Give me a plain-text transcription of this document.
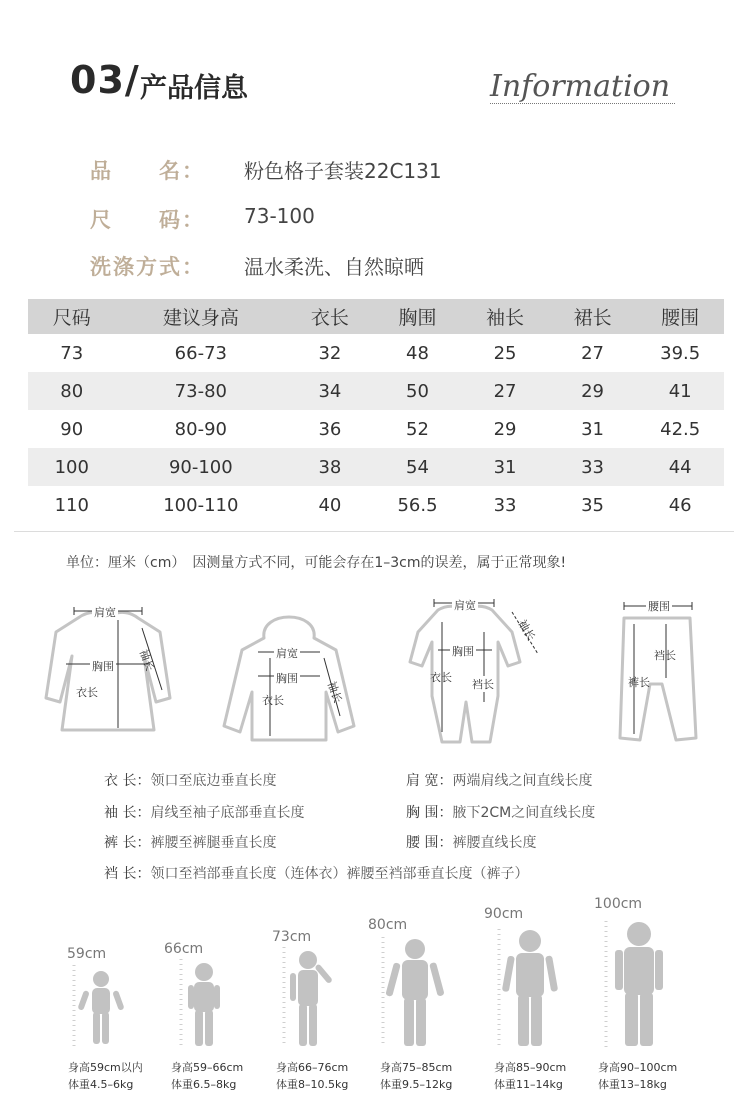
03/ 产品信息	Information
品　　名： 粉色格子套装22C131
尺　　码： 73-100
洗涤方式： 温水柔洗、自然晾晒
尺码	建议身高	衣长	胸围	袖长	裙长	腰围
73	66-73	32	48	25	27	39.5
80	73-80	34	50	27	29	41
90	80-90	36	52	29	31	42.5
100	90-100	38	54	31	33	44
110	100-110	40	56.5	33	35	46
单位：厘米（cm）　因测量方式不同，可能会存在1–3cm的误差，属于正常现象!
肩宽
胸围 袖长
衣长
肩宽
胸围
袖长
衣长
肩宽
胸围
袖长
衣长
裆长
腰围
裆长
裤长
衣 长：领口至底边垂直长度
袖 长：肩线至袖子底部垂直长度
裤 长：裤腰至裤腿垂直长度
肩 宽：两端肩线之间直线长度
胸 围：腋下2CM之间直线长度
腰 围：裤腰直线长度
裆 长：领口至裆部垂直长度（连体衣）裤腰至裆部垂直长度（裤子）
59cm	66cm
73cm
80cm
90cm
100cm
身高59cm以内
体重4.5–6kg
身高59–66cm
体重6.5–8kg
身高66–76cm
体重8–10.5kg
身高75–85cm
体重9.5–12kg
身高85–90cm
体重11–14kg
身高90–100cm
体重13–18kg
